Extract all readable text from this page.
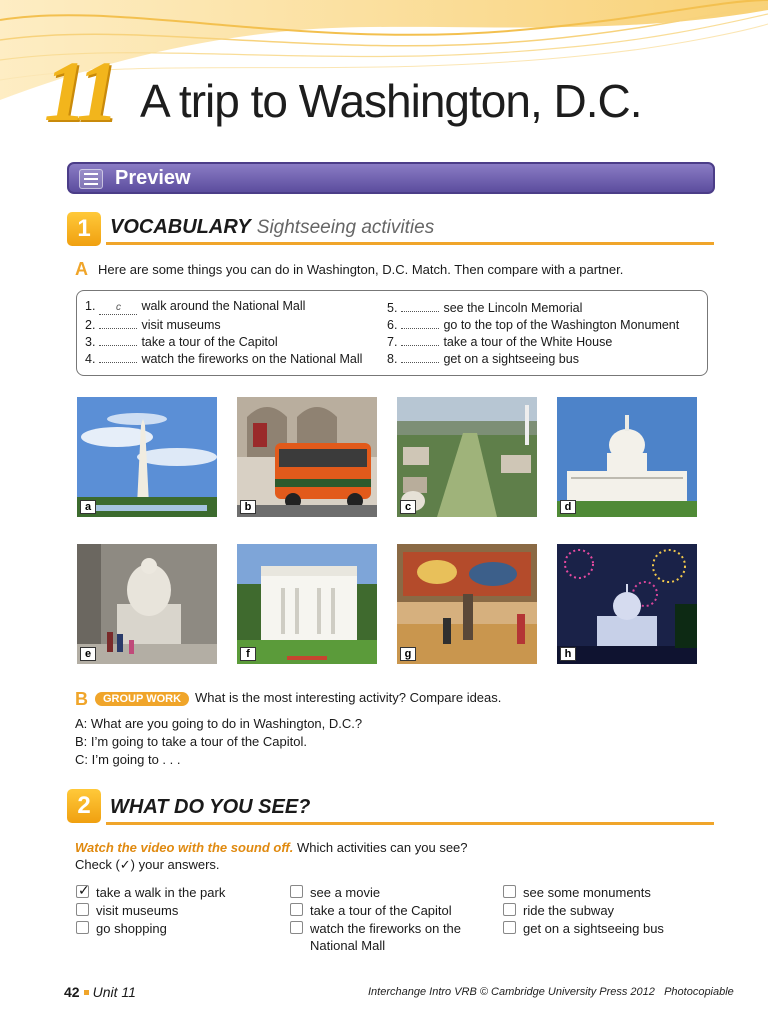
11 A trip to Washington, D.C.
Preview
1 VOCABULARY Sightseeing activities
A Here are some things you can do in Washington, D.C. Match. Then compare with a partner.
1. c walk around the National Mall
2.	visit museums
3.	take a tour of the Capitol
4.	watch the fireworks on the National Mall
5.	see the Lincoln Memorial
6.	go to the top of the Washington Monument
7.	take a tour of the White House
8.	get on a sightseeing bus
a	b	c	d
e	f	g	h
B	GROUP WORK What is the most interesting activity? Compare ideas.
A: What are you going to do in Washington, D.C.?
B: I’m going to take a tour of the Capitol.
C: I’m going to . . .
2 WHAT DO YOU SEE?
Watch the video with the sound off. Which activities can you see?
Check (✓) your answers.
✓ take a walk in the park
visit museums
go shopping
see a movie
take a tour of the Capitol
watch the fireworks on the National Mall
see some monuments
ride the subway
get on a sightseeing bus
42 Unit 11	Interchange Intro VRB © Cambridge University Press 2012 Photocopiable
